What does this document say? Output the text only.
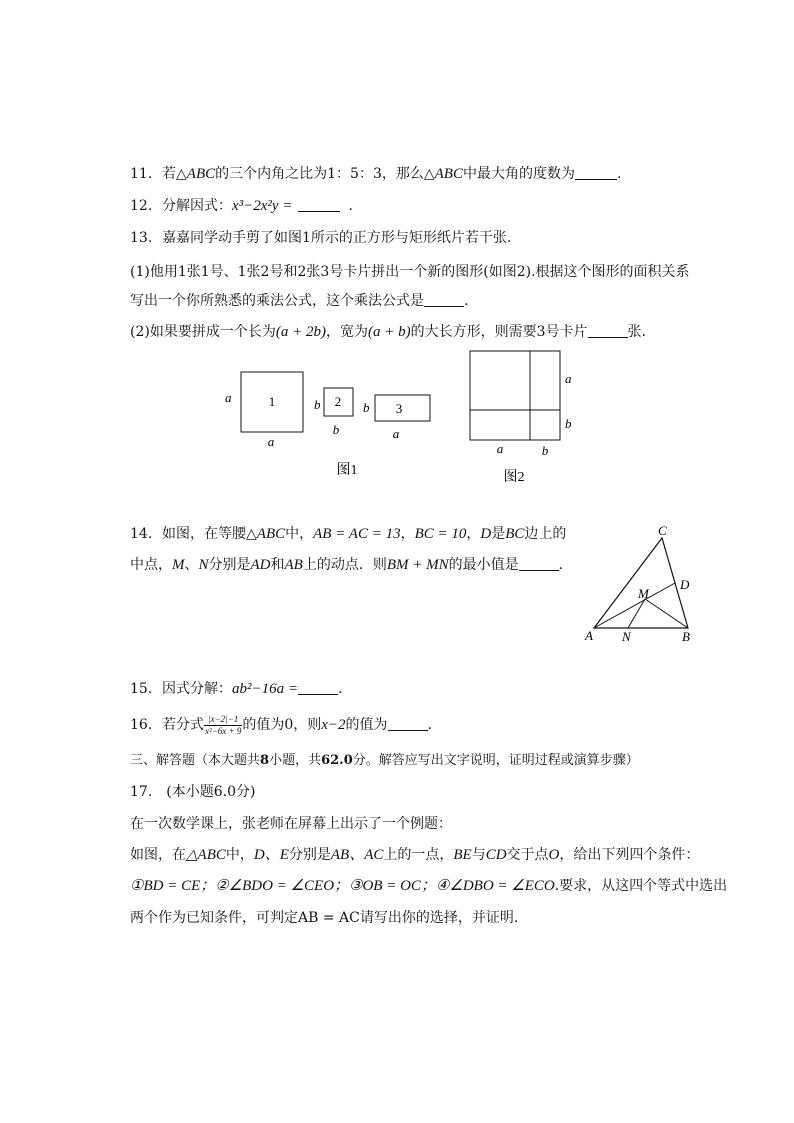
11. 若△ABC的三个内角之比为1：5：3，那么△ABC中最大角的度数为	.
12. 分解因式：x³−2x²y =	.
13. 嘉嘉同学动手剪了如图1所示的正方形与矩形纸片若干张.
(1)他用1张1号、1张2号和2张3号卡片拼出一个新的图形(如图2).根据这个图形的面积关系
写出一个你所熟悉的乘法公式，这个乘法公式是	.
(2)如果要拼成一个长为(a + 2b)，宽为(a + b)的大长方形，则需要3号卡片	张.
1
a
a
2
b
b
3
b
a
图1
a
b
a	b
图2
14. 如图，在等腰△ABC中，AB = AC = 13，BC = 10，D是BC边上的
中点，M、N分别是AD和AB上的动点．则BM + MN的最小值是	.
C
D
M
A N	B
15. 因式分解：ab²−16a =	.
16. 若分式 $\frac{|x-2|-1}{\text{x²−6x + 9}}$ 的值为0，则x−2的值为	.
三、解答题（本大题共8小题，共62.0分。解答应写出文字说明，证明过程或演算步骤）
17.　(本小题6.0分)
在一次数学课上，张老师在屏幕上出示了一个例题：
如图，在△ABC中，D、E分别是AB、AC上的一点，BE与CD交于点O，给出下列四个条件：
①BD = CE；②∠BDO = ∠CEO；③OB = OC；④∠DBO = ∠ECO.要求，从这四个等式中选出
两个作为已知条件，可判定AB = AC请写出你的选择，并证明.
